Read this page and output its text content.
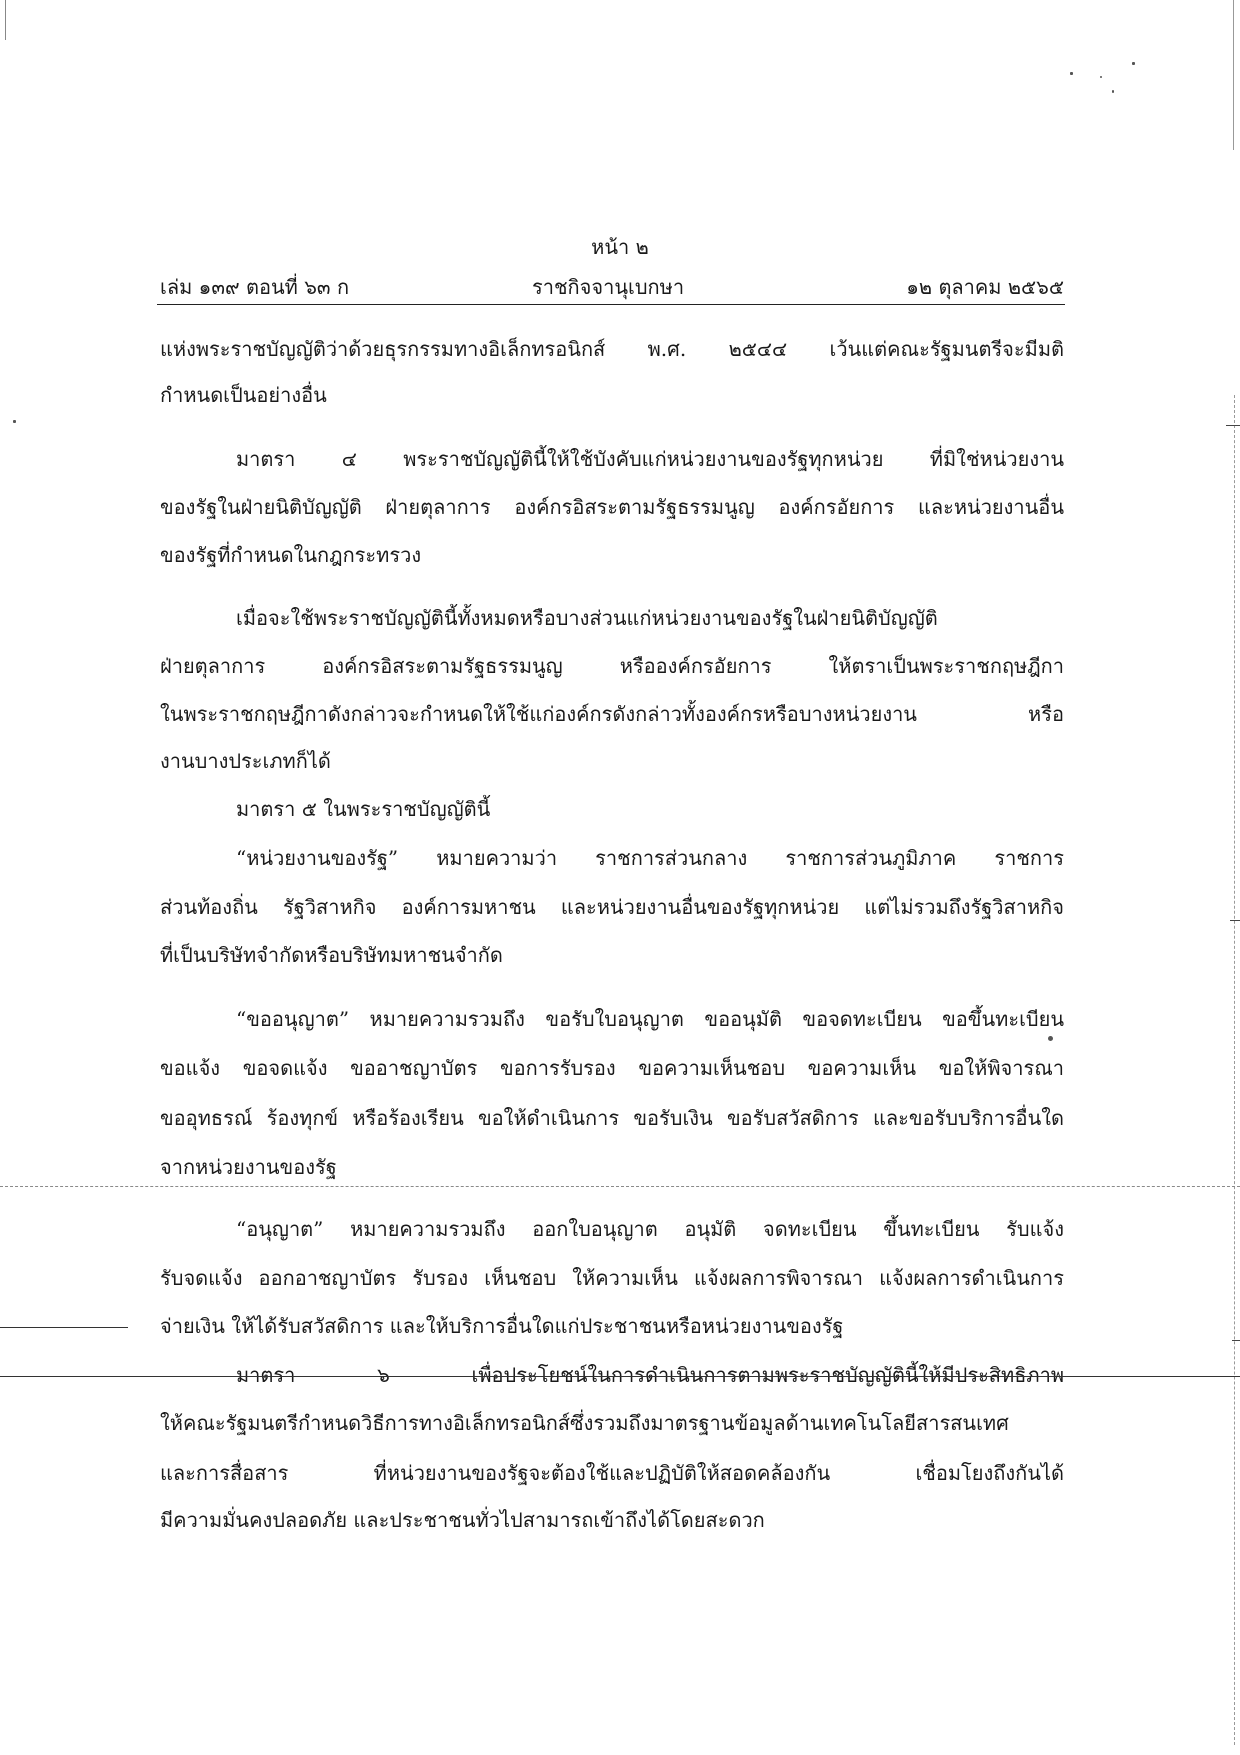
หน้า ๒
เล่ม ๑๓๙ ตอนที่ ๖๓ ก	ราชกิจจานุเบกษา	๑๒ ตุลาคม ๒๕๖๕
แห่งพระราชบัญญัติว่าด้วยธุรกรรมทางอิเล็กทรอนิกส์ พ.ศ. ๒๕๔๔ เว้นแต่คณะรัฐมนตรีจะมีมติ
กำหนดเป็นอย่างอื่น
มาตรา ๔ พระราชบัญญัตินี้ให้ใช้บังคับแก่หน่วยงานของรัฐทุกหน่วย ที่มิใช่หน่วยงาน
ของรัฐในฝ่ายนิติบัญญัติ ฝ่ายตุลาการ องค์กรอิสระตามรัฐธรรมนูญ องค์กรอัยการ และหน่วยงานอื่น
ของรัฐที่กำหนดในกฎกระทรวง
เมื่อจะใช้พระราชบัญญัตินี้ทั้งหมดหรือบางส่วนแก่หน่วยงานของรัฐในฝ่ายนิติบัญญัติ
ฝ่ายตุลาการ องค์กรอิสระตามรัฐธรรมนูญ หรือองค์กรอัยการ ให้ตราเป็นพระราชกฤษฎีกา
ในพระราชกฤษฎีกาดังกล่าวจะกำหนดให้ใช้แก่องค์กรดังกล่าวทั้งองค์กรหรือบางหน่วยงาน หรือ
งานบางประเภทก็ได้
มาตรา ๕ ในพระราชบัญญัตินี้
“หน่วยงานของรัฐ” หมายความว่า ราชการส่วนกลาง ราชการส่วนภูมิภาค ราชการ
ส่วนท้องถิ่น รัฐวิสาหกิจ องค์การมหาชน และหน่วยงานอื่นของรัฐทุกหน่วย แต่ไม่รวมถึงรัฐวิสาหกิจ
ที่เป็นบริษัทจำกัดหรือบริษัทมหาชนจำกัด
“ขออนุญาต” หมายความรวมถึง ขอรับใบอนุญาต ขออนุมัติ ขอจดทะเบียน ขอขึ้นทะเบียน
ขอแจ้ง ขอจดแจ้ง ขออาชญาบัตร ขอการรับรอง ขอความเห็นชอบ ขอความเห็น ขอให้พิจารณา
ขออุทธรณ์ ร้องทุกข์ หรือร้องเรียน ขอให้ดำเนินการ ขอรับเงิน ขอรับสวัสดิการ และขอรับบริการอื่นใด
จากหน่วยงานของรัฐ
“อนุญาต” หมายความรวมถึง ออกใบอนุญาต อนุมัติ จดทะเบียน ขึ้นทะเบียน รับแจ้ง
รับจดแจ้ง ออกอาชญาบัตร รับรอง เห็นชอบ ให้ความเห็น แจ้งผลการพิจารณา แจ้งผลการดำเนินการ
จ่ายเงิน ให้ได้รับสวัสดิการ และให้บริการอื่นใดแก่ประชาชนหรือหน่วยงานของรัฐ
มาตรา ๖ เพื่อประโยชน์ในการดำเนินการตามพระราชบัญญัตินี้ให้มีประสิทธิภาพ
ให้คณะรัฐมนตรีกำหนดวิธีการทางอิเล็กทรอนิกส์ซึ่งรวมถึงมาตรฐานข้อมูลด้านเทคโนโลยีสารสนเทศ
และการสื่อสาร ที่หน่วยงานของรัฐจะต้องใช้และปฏิบัติให้สอดคล้องกัน เชื่อมโยงถึงกันได้
มีความมั่นคงปลอดภัย และประชาชนทั่วไปสามารถเข้าถึงได้โดยสะดวก
